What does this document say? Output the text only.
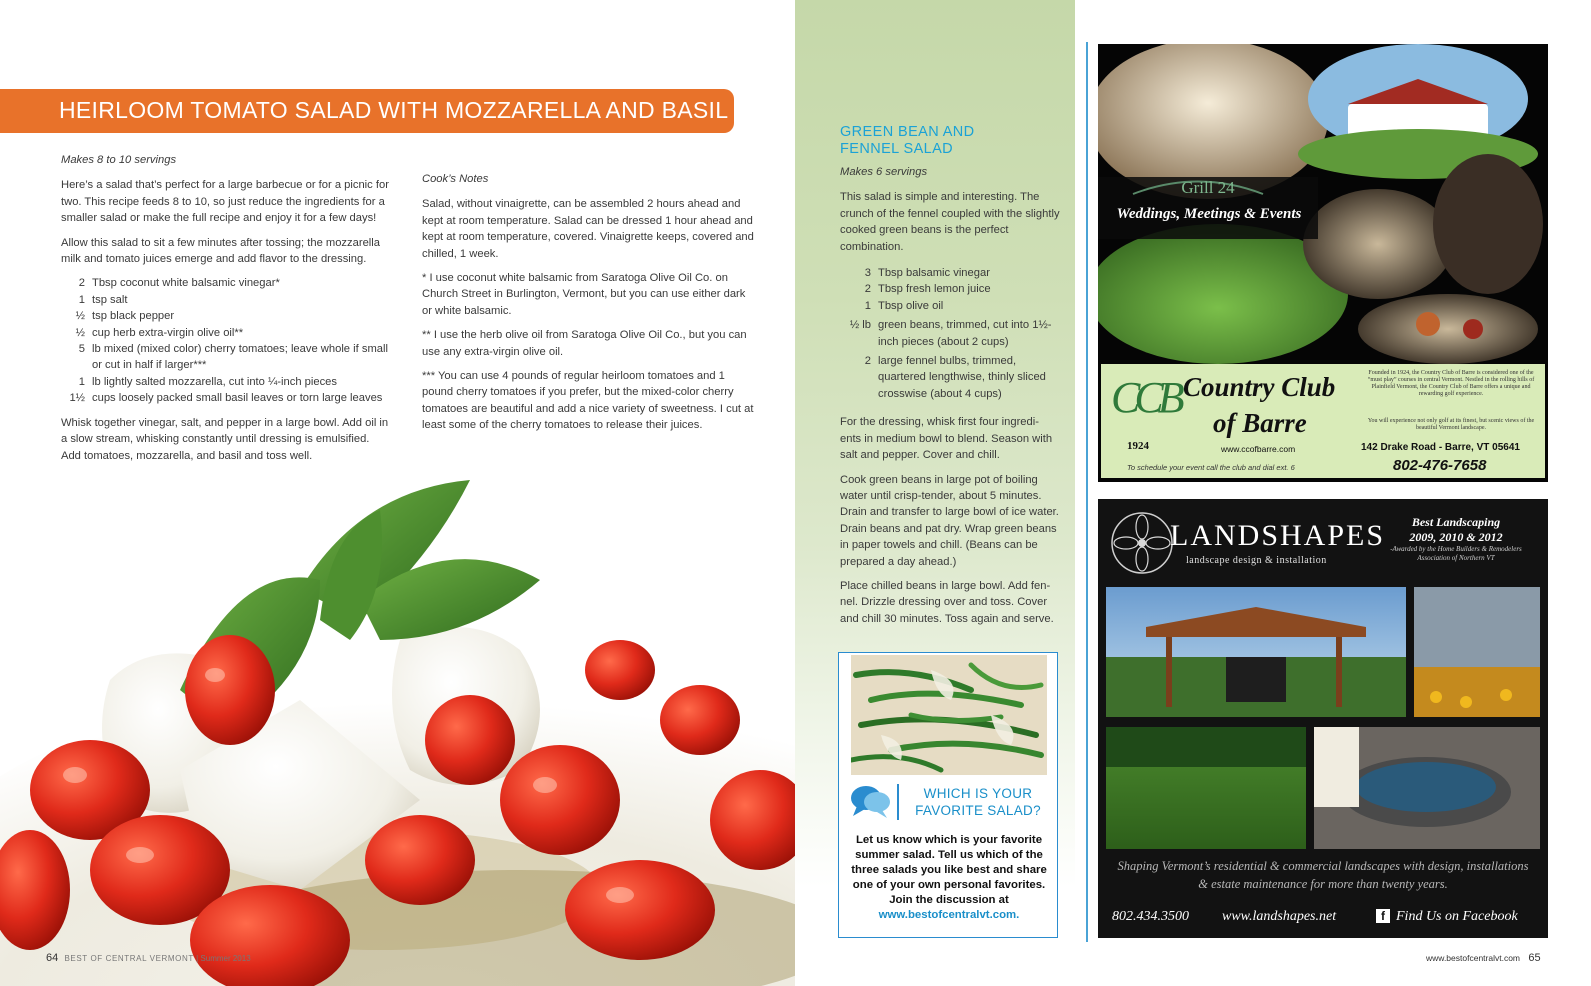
HEIRLOOM TOMATO SALAD WITH MOZZARELLA AND BASIL
Makes 8 to 10 servings
Here’s a salad that’s perfect for a large barbecue or for a picnic for two. This recipe feeds 8 to 10, so just reduce the ingredients for a smaller salad or make the full recipe and enjoy it for a few days!
Allow this salad to sit a few minutes after tossing; the mozzarella milk and tomato juices emerge and add flavor to the dressing.
2 Tbsp coconut white balsamic vinegar*
1 tsp salt
½ tsp black pepper
½ cup herb extra-virgin olive oil**
5 lb mixed (mixed color) cherry tomatoes; leave whole if small or cut in half if larger***
1 lb lightly salted mozzarella, cut into ¼-inch pieces
1½ cups loosely packed small basil leaves or torn large leaves
Whisk together vinegar, salt, and pepper in a large bowl. Add oil in a slow stream, whisking constantly until dressing is emulsified. Add tomatoes, mozzarella, and basil and toss well.
Cook’s Notes
Salad, without vinaigrette, can be assembled 2 hours ahead and kept at room temperature. Salad can be dressed 1 hour ahead and kept at room temperature, covered. Vinaigrette keeps, covered and chilled, 1 week.
* I use coconut white balsamic from Saratoga Olive Oil Co. on Church Street in Burlington, Vermont, but you can use either dark or white balsamic.
** I use the herb olive oil from Saratoga Olive Oil Co., but you can use any extra-virgin olive oil.
*** You can use 4 pounds of regular heirloom tomatoes and 1 pound cherry tomatoes if you prefer, but the mixed-color cherry tomatoes are beautiful and add a nice variety of sweetness. I cut at least some of the cherry tomatoes to release their juices.
64 BEST OF CENTRAL VERMONT | Summer 2013
GREEN BEAN AND
FENNEL SALAD
Makes 6 servings
This salad is simple and interesting. The crunch of the fennel coupled with the slightly cooked green beans is the perfect combination.
3 Tbsp balsamic vinegar
2 Tbsp fresh lemon juice
1 Tbsp olive oil
½ lb green beans, trimmed, cut into 1½-inch pieces (about 2 cups)
2 large fennel bulbs, trimmed, quartered lengthwise, thinly sliced crosswise (about 4 cups)
For the dressing, whisk first four ingredi-ents in medium bowl to blend. Season with salt and pepper. Cover and chill.
Cook green beans in large pot of boiling water until crisp-tender, about 5 minutes. Drain and transfer to large bowl of ice water. Drain beans and pat dry. Wrap green beans in paper towels and chill. (Beans can be prepared a day ahead.)
Place chilled beans in large bowl. Add fen-nel. Drizzle dressing over and toss. Cover and chill 30 minutes. Toss again and serve.
WHICH IS YOUR
FAVORITE SALAD?
Let us know which is your favorite summer salad. Tell us which of the three salads you like best and share one of your own personal favorites. Join the discussion at
www.bestofcentralvt.com.
Grill 24
Weddings, Meetings & Events
CCB
1924
Country Club
of Barre
www.ccofbarre.com
Founded in 1924, the Country Club of Barre is considered one of the “must play” courses in central Vermont. Nestled in the rolling hills of Plainfield Vermont, the Country Club of Barre offers a unique and rewarding golf experience.
You will experience not only golf at its finest, but scenic views of the beautiful Vermont landscape.
142 Drake Road - Barre, VT 05641
802-476-7658
To schedule your event call the club and dial ext. 6
LANDSHAPES
landscape design & installation
Best Landscaping
2009, 2010 & 2012
-Awarded by the Home Builders & Remodelers Association of Northern VT
Shaping Vermont’s residential & commercial landscapes with design, installations & estate maintenance for more than twenty years.
802.434.3500 www.landshapes.net	f Find Us on Facebook
www.bestofcentralvt.com 65
